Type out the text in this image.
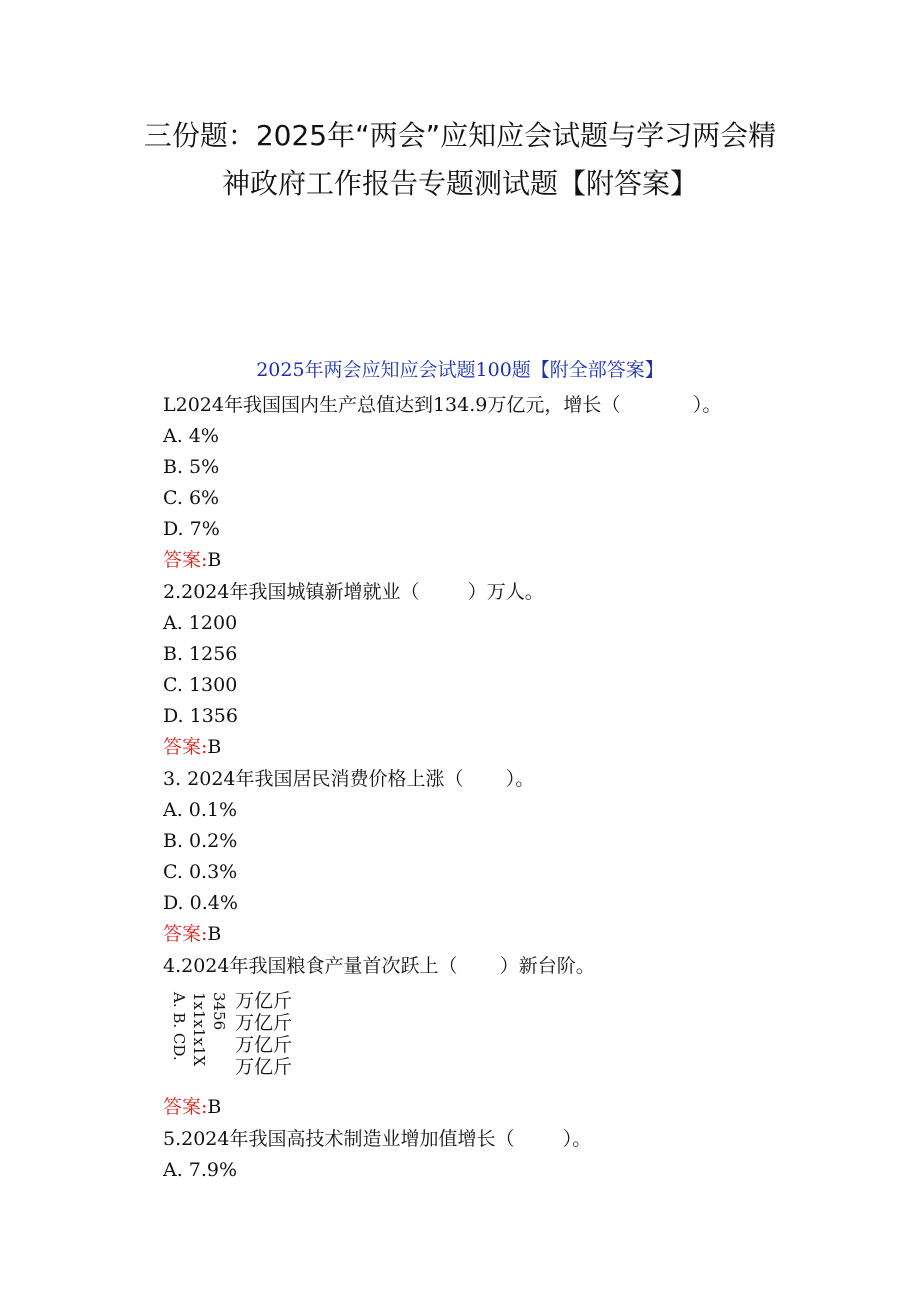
三份题：2025年“两会”应知应会试题与学习两会精
神政府工作报告专题测试题【附答案】
2025年两会应知应会试题100题【附全部答案】
L2024年我国国内生产总值达到134.9万亿元，增长（            ）。
A. 4%
B. 5%
C. 6%
D. 7%
答案:B
2.2024年我国城镇新增就业（        ）万人。
A. 1200
B. 1256
C. 1300
D. 1356
答案:B
3. 2024年我国居民消费价格上涨（       ）。
A. 0.1%
B. 0.2%
C. 0.3%
D. 0.4%
答案:B
4.2024年我国粮食产量首次跃上（       ）新台阶。
A. B. CD. 1x1x1x1X 3456 万亿斤
万亿斤
万亿斤
万亿斤
答案:B
5.2024年我国高技术制造业增加值增长（        ）。
A. 7.9%
